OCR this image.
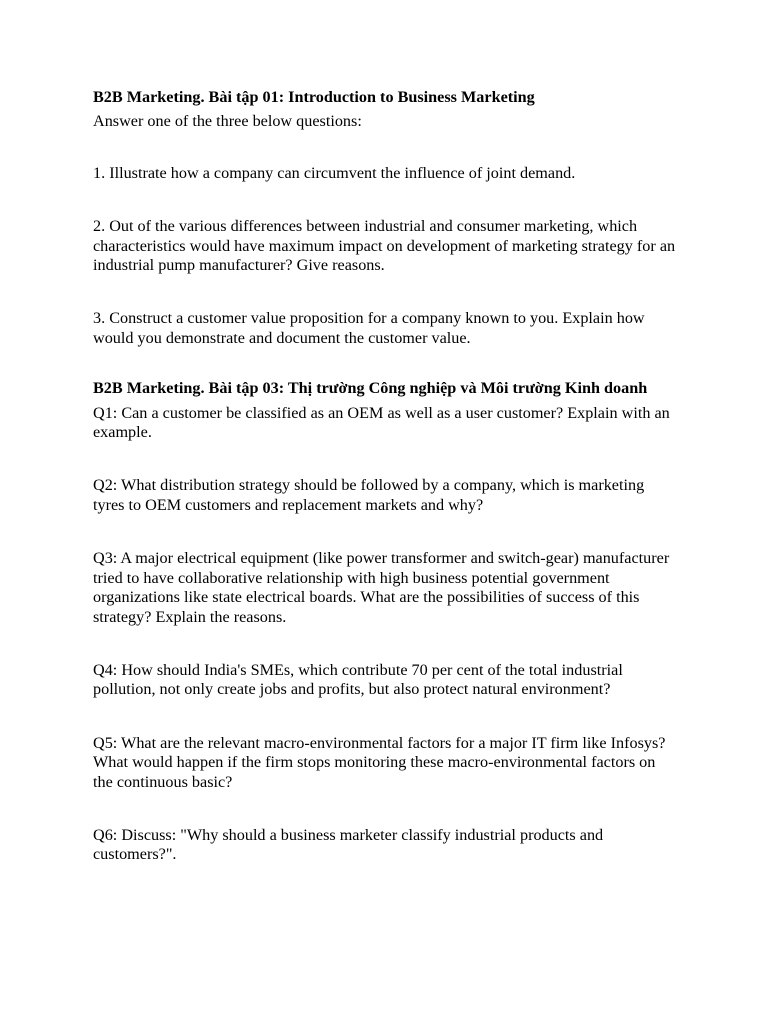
B2B Marketing. Bài tập 01: Introduction to Business Marketing

Answer one of the three below questions:

1. Illustrate how a company can circumvent the influence of joint demand.

2. Out of the various differences between industrial and consumer marketing, which characteristics would have maximum impact on development of marketing strategy for an industrial pump manufacturer? Give reasons.

3. Construct a customer value proposition for a company known to you. Explain how would you demonstrate and document the customer value.

B2B Marketing. Bài tập 03: Thị trường Công nghiệp và Môi trường Kinh doanh

Q1: Can a customer be classified as an OEM as well as a user customer? Explain with an example.

Q2: What distribution strategy should be followed by a company, which is marketing tyres to OEM customers and replacement markets and why?

Q3: A major electrical equipment (like power transformer and switch-gear) manufacturer tried to have collaborative relationship with high business potential government organizations like state electrical boards. What are the possibilities of success of this strategy? Explain the reasons.

Q4: How should India's SMEs, which contribute 70 per cent of the total industrial pollution, not only create jobs and profits, but also protect natural environment?

Q5: What are the relevant macro-environmental factors for a major IT firm like Infosys? What would happen if the firm stops monitoring these macro-environmental factors on the continuous basic?

Q6: Discuss: "Why should a business marketer classify industrial products and customers?".
